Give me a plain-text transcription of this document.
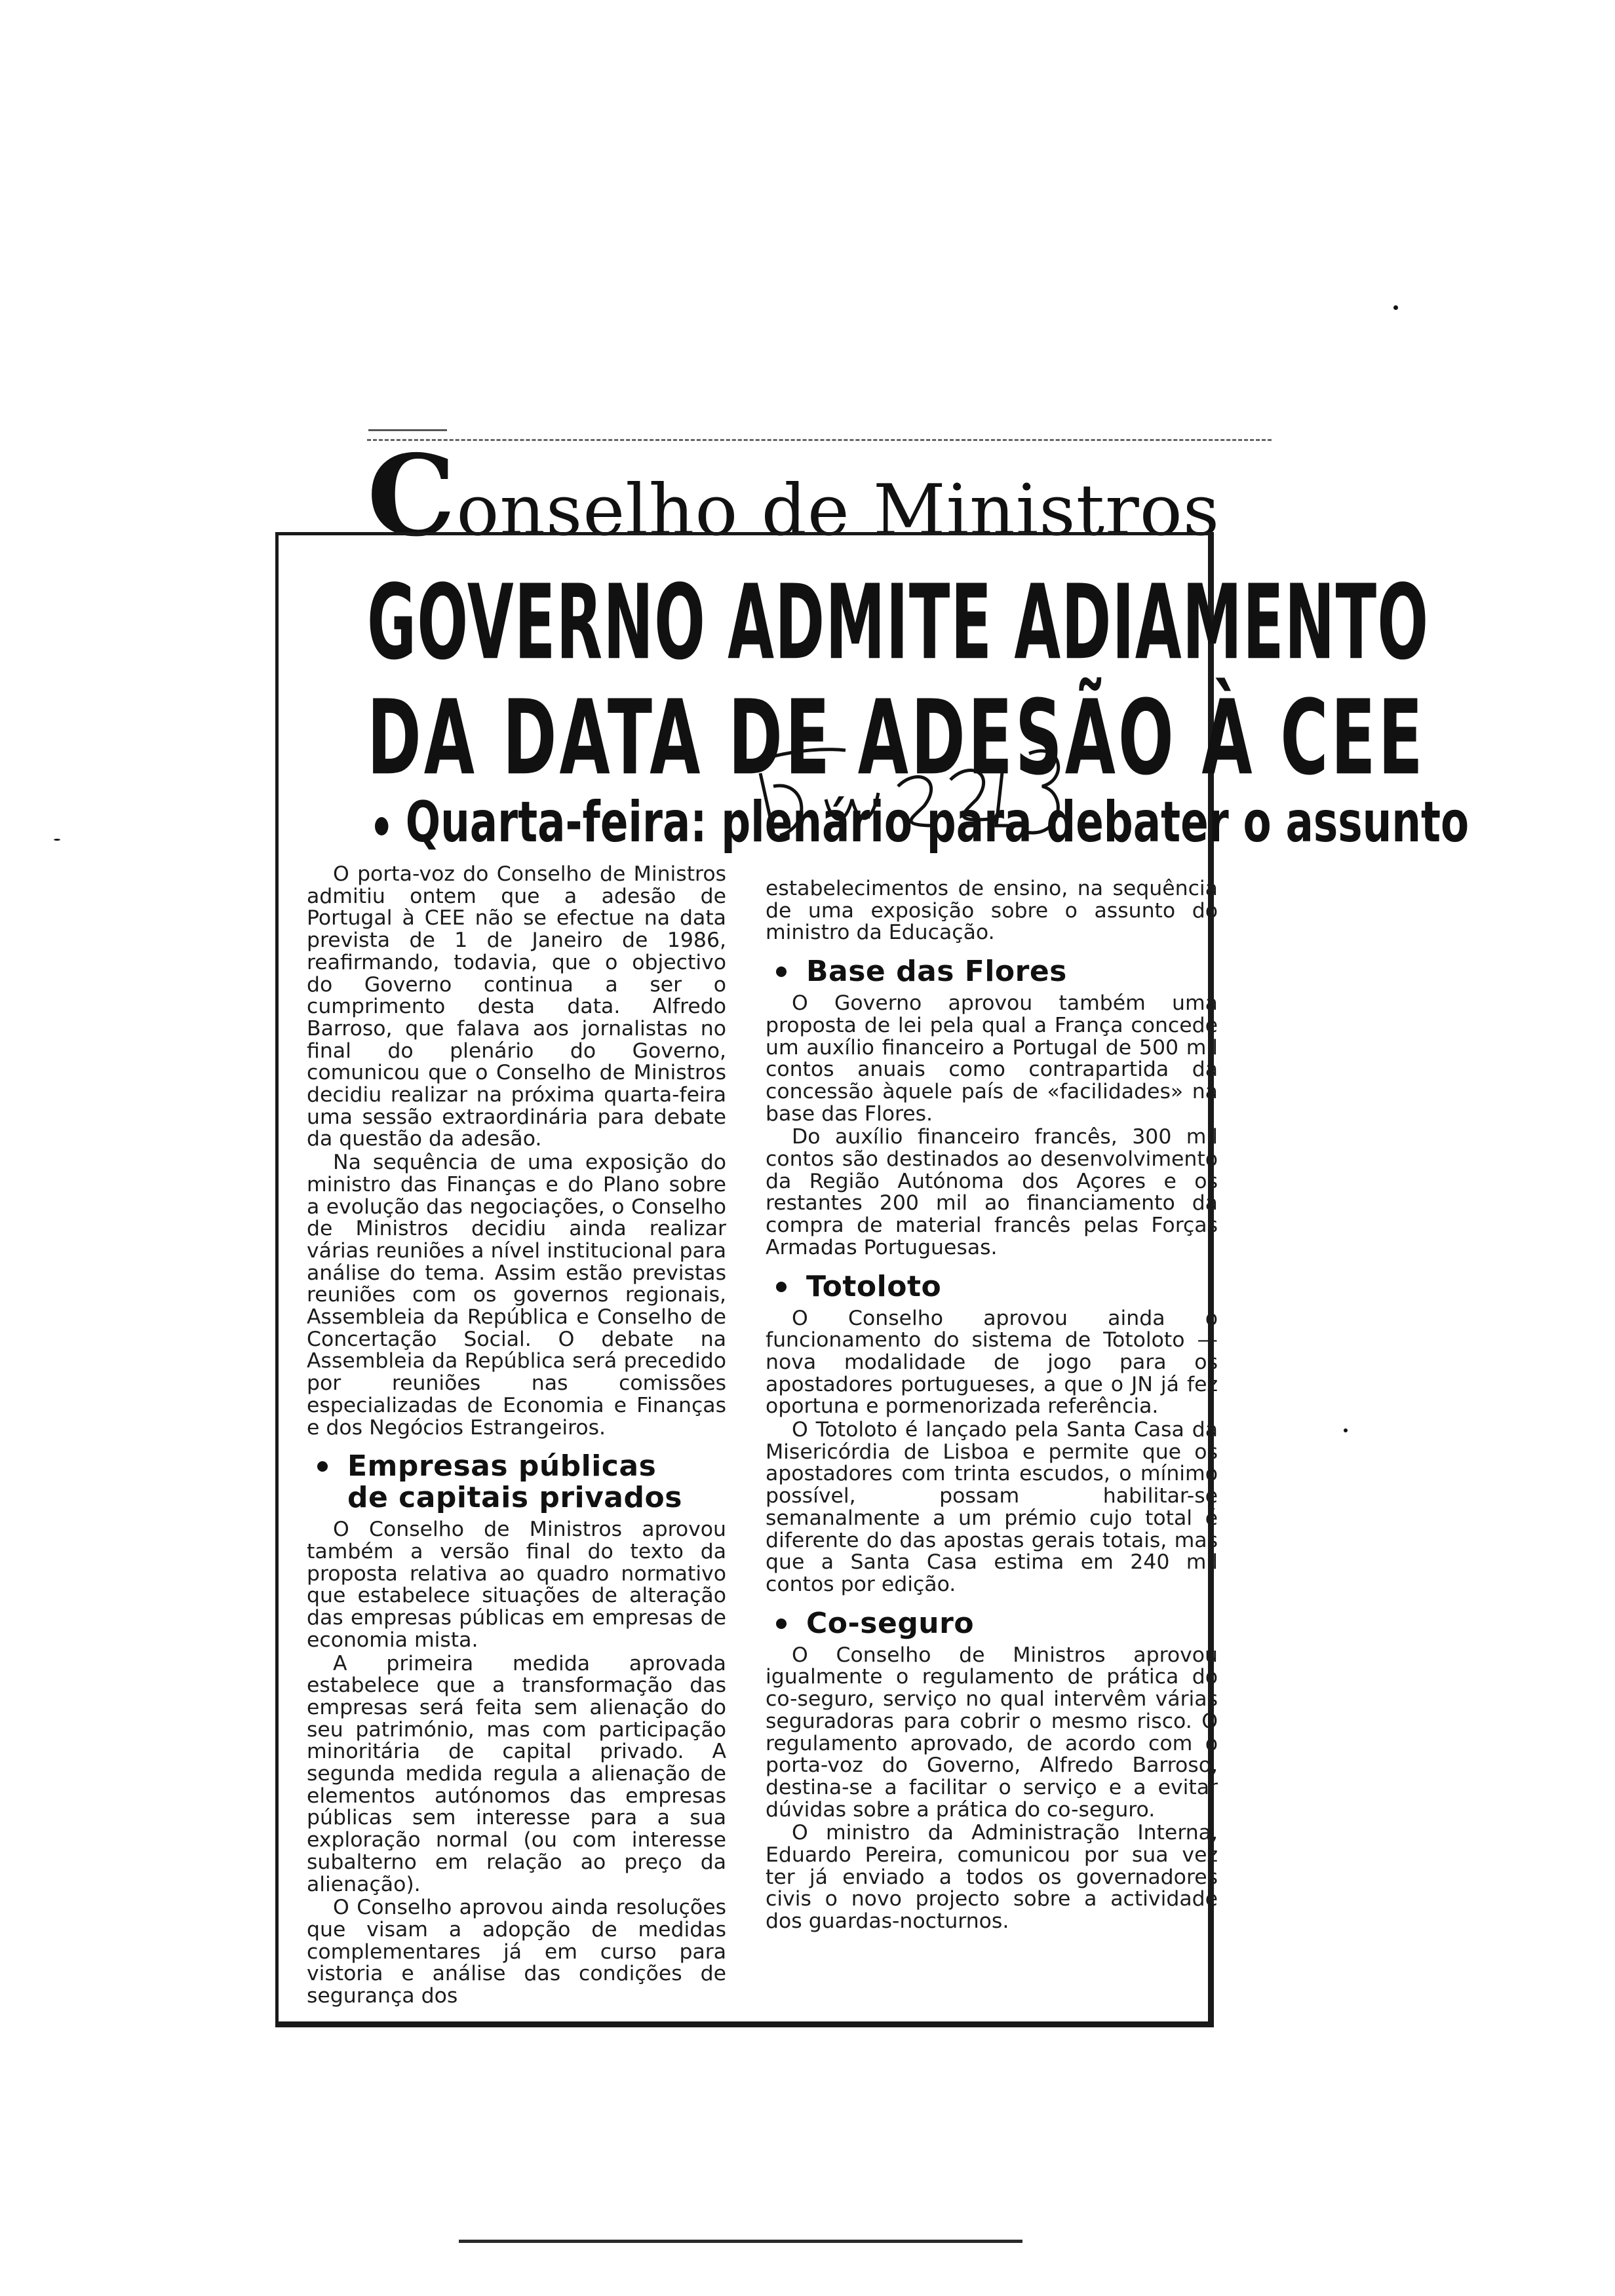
Conselho de Ministros
GOVERNO ADMITE ADIAMENTO
DA DATA DE ADESÃO À CEE
Quarta-feira: plenário para debater o assunto

O porta-voz do Conselho de Ministros admitiu ontem que a adesão de Portugal à CEE não se efectue na data prevista de 1 de Janeiro de 1986, reafirmando, todavia, que o objectivo do Governo continua a ser o cumprimento desta data. Alfredo Barroso, que falava aos jornalistas no final do plenário do Governo, comunicou que o Conselho de Ministros decidiu realizar na próxima quarta-feira uma sessão extraordinária para debate da questão da adesão.

Na sequência de uma exposição do ministro das Finanças e do Plano sobre a evolução das negociações, o Conselho de Ministros decidiu ainda realizar várias reuniões a nível institucional para análise do tema. Assim estão previstas reuniões com os governos regionais, Assembleia da República e Conselho de Concertação Social. O debate na Assembleia da República será precedido por reuniões nas comissões especializadas de Economia e Finanças e dos Negócios Estrangeiros.

Empresas públicas
de capitais privados

O Conselho de Ministros aprovou também a versão final do texto da proposta relativa ao quadro normativo que estabelece situações de alteração das empresas públicas em empresas de economia mista.

A primeira medida aprovada estabelece que a transformação das empresas será feita sem alienação do seu património, mas com participação minoritária de capital privado. A segunda medida regula a alienação de elementos autónomos das empresas públicas sem interesse para a sua exploração normal (ou com interesse subalterno em relação ao preço da alienação).

O Conselho aprovou ainda resoluções que visam a adopção de medidas complementares já em curso para vistoria e análise das condições de segurança dos

estabelecimentos de ensino, na sequência de uma exposição sobre o assunto do ministro da Educação.

Base das Flores

O Governo aprovou também uma proposta de lei pela qual a França concede um auxílio financeiro a Portugal de 500 mil contos anuais como contrapartida da concessão àquele país de «facilidades» na base das Flores.

Do auxílio financeiro francês, 300 mil contos são destinados ao desenvolvimento da Região Autónoma dos Açores e os restantes 200 mil ao financiamento da compra de material francês pelas Forças Armadas Portuguesas.

Totoloto

O Conselho aprovou ainda o funcionamento do sistema de Totoloto — nova modalidade de jogo para os apostadores portugueses, a que o JN já fez oportuna e pormenorizada referência.

O Totoloto é lançado pela Santa Casa da Misericórdia de Lisboa e permite que os apostadores com trinta escudos, o mínimo possível, possam habilitar-se semanalmente a um prémio cujo total é diferente do das apostas gerais totais, mas que a Santa Casa estima em 240 mil contos por edição.

Co-seguro

O Conselho de Ministros aprovou igualmente o regulamento de prática do co-seguro, serviço no qual intervêm várias seguradoras para cobrir o mesmo risco. O regulamento aprovado, de acordo com o porta-voz do Governo, Alfredo Barroso, destina-se a facilitar o serviço e a evitar dúvidas sobre a prática do co-seguro.

O ministro da Administração Interna, Eduardo Pereira, comunicou por sua vez ter já enviado a todos os governadores civis o novo projecto sobre a actividade dos guardas-nocturnos.
